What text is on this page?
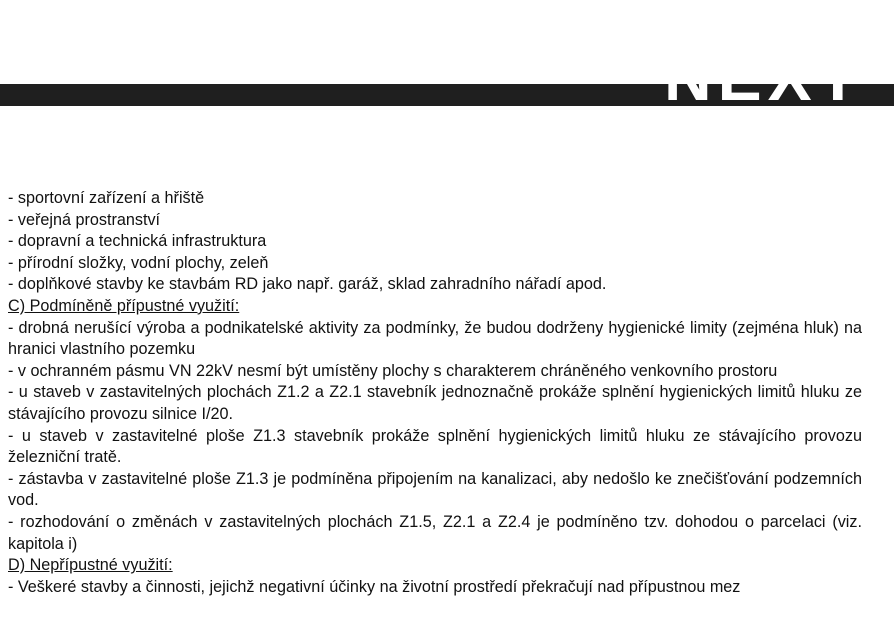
NEXT

- sportovní zařízení a hřiště

- veřejná prostranství

- dopravní a technická infrastruktura

- přírodní složky, vodní plochy, zeleň

- doplňkové stavby ke stavbám RD jako např. garáž, sklad zahradního nářadí apod.

C) Podmíněně přípustné využití:

- drobná nerušící výroba a podnikatelské aktivity za podmínky, že budou dodrženy hygienické limity (zejména hluk) na hranici vlastního pozemku

- v ochranném pásmu VN 22kV nesmí být umístěny plochy s charakterem chráněného venkovního prostoru

- u staveb v zastavitelných plochách Z1.2 a Z2.1 stavebník jednoznačně prokáže splnění hygienických limitů hluku ze stávajícího provozu silnice I/20.

- u staveb v zastavitelné ploše Z1.3 stavebník prokáže splnění hygienických limitů hluku ze stávajícího provozu železniční tratě.

- zástavba v zastavitelné ploše Z1.3 je podmíněna připojením na kanalizaci, aby nedošlo ke znečišťování podzemních vod.

- rozhodování o změnách v zastavitelných plochách Z1.5, Z2.1 a Z2.4 je podmíněno tzv. dohodou o parcelaci (viz. kapitola i)

D) Nepřípustné využití:

- Veškeré stavby a činnosti, jejichž negativní účinky na životní prostředí překračují nad přípustnou mez
